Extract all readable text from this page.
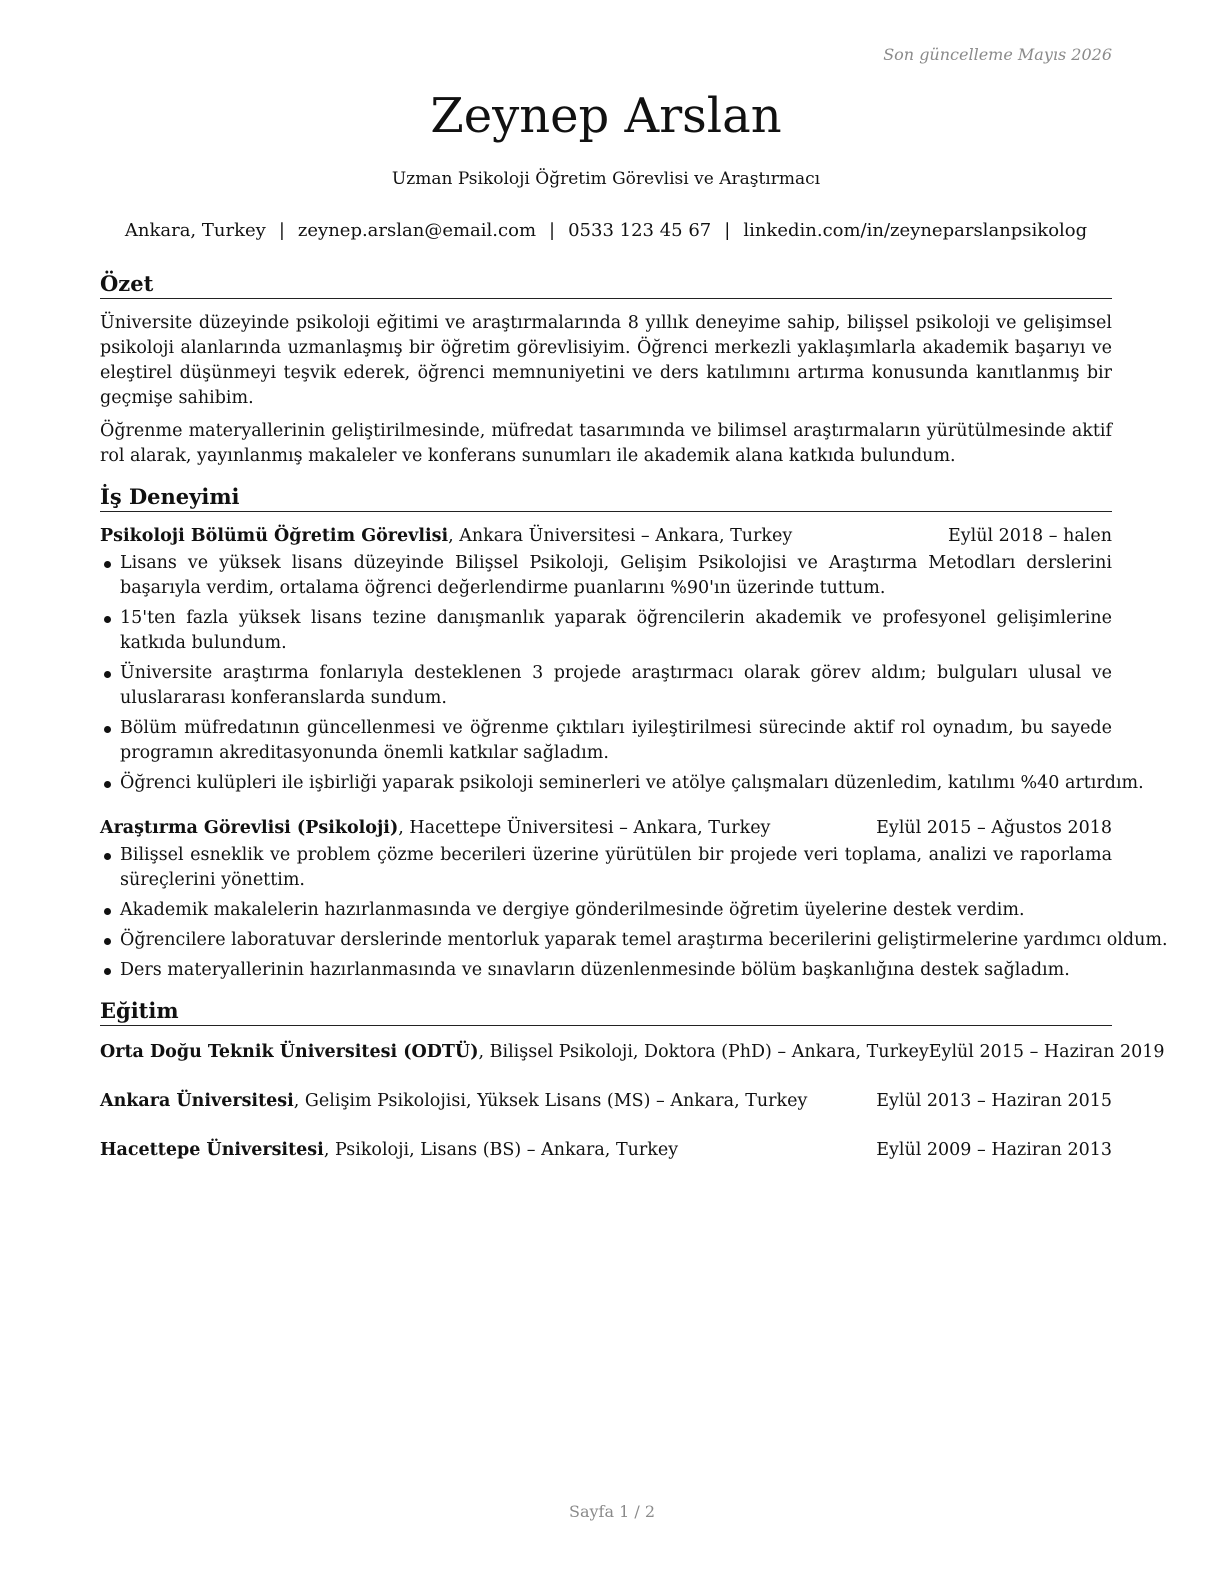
Son güncelleme Mayıs 2026
Zeynep Arslan
Uzman Psikoloji Öğretim Görevlisi ve Araştırmacı
Ankara, Turkey | zeynep.arslan@email.com | 0533 123 45 67 | linkedin.com/in/zeyneparslanpsikolog
Özet

Üniversite düzeyinde psikoloji eğitimi ve araştırmalarında 8 yıllık deneyime sahip, bilişsel psikoloji ve gelişimsel psikoloji alanlarında uzmanlaşmış bir öğretim görevlisiyim. Öğrenci merkezli yaklaşımlarla akademik başarıyı ve eleştirel düşünmeyi teşvik ederek, öğrenci memnuniyetini ve ders katılımını artırma konusunda kanıtlanmış bir geçmişe sahibim.

Öğrenme materyallerinin geliştirilmesinde, müfredat tasarımında ve bilimsel araştırmaların yürütülmesinde aktif rol alarak, yayınlanmış makaleler ve konferans sunumları ile akademik alana katkıda bulundum.

İş Deneyimi
Psikoloji Bölümü Öğretim Görevlisi, Ankara Üniversitesi – Ankara, Turkey	Eylül 2018 – halen
Lisans ve yüksek lisans düzeyinde Bilişsel Psikoloji, Gelişim Psikolojisi ve Araştırma Metodları derslerini başarıyla verdim, ortalama öğrenci değerlendirme puanlarını %90'ın üzerinde tuttum.
15'ten fazla yüksek lisans tezine danışmanlık yaparak öğrencilerin akademik ve profesyonel gelişimlerine katkıda bulundum.
Üniversite araştırma fonlarıyla desteklenen 3 projede araştırmacı olarak görev aldım; bulguları ulusal ve uluslararası konferanslarda sundum.
Bölüm müfredatının güncellenmesi ve öğrenme çıktıları iyileştirilmesi sürecinde aktif rol oynadım, bu sayede programın akreditasyonunda önemli katkılar sağladım.
Öğrenci kulüpleri ile işbirliği yaparak psikoloji seminerleri ve atölye çalışmaları düzenledim, katılımı %40 artırdım.
Araştırma Görevlisi (Psikoloji), Hacettepe Üniversitesi – Ankara, Turkey	Eylül 2015 – Ağustos 2018
Bilişsel esneklik ve problem çözme becerileri üzerine yürütülen bir projede veri toplama, analizi ve raporlama süreçlerini yönettim.
Akademik makalelerin hazırlanmasında ve dergiye gönderilmesinde öğretim üyelerine destek verdim.
Öğrencilere laboratuvar derslerinde mentorluk yaparak temel araştırma becerilerini geliştirmelerine yardımcı oldum.
Ders materyallerinin hazırlanmasında ve sınavların düzenlenmesinde bölüm başkanlığına destek sağladım.
Eğitim
Orta Doğu Teknik Üniversitesi (ODTÜ), Bilişsel Psikoloji, Doktora (PhD) – Ankara, Turkey Eylül 2015 – Haziran 2019
Ankara Üniversitesi, Gelişim Psikolojisi, Yüksek Lisans (MS) – Ankara, Turkey	Eylül 2013 – Haziran 2015
Hacettepe Üniversitesi, Psikoloji, Lisans (BS) – Ankara, Turkey	Eylül 2009 – Haziran 2013
Sayfa 1 / 2
